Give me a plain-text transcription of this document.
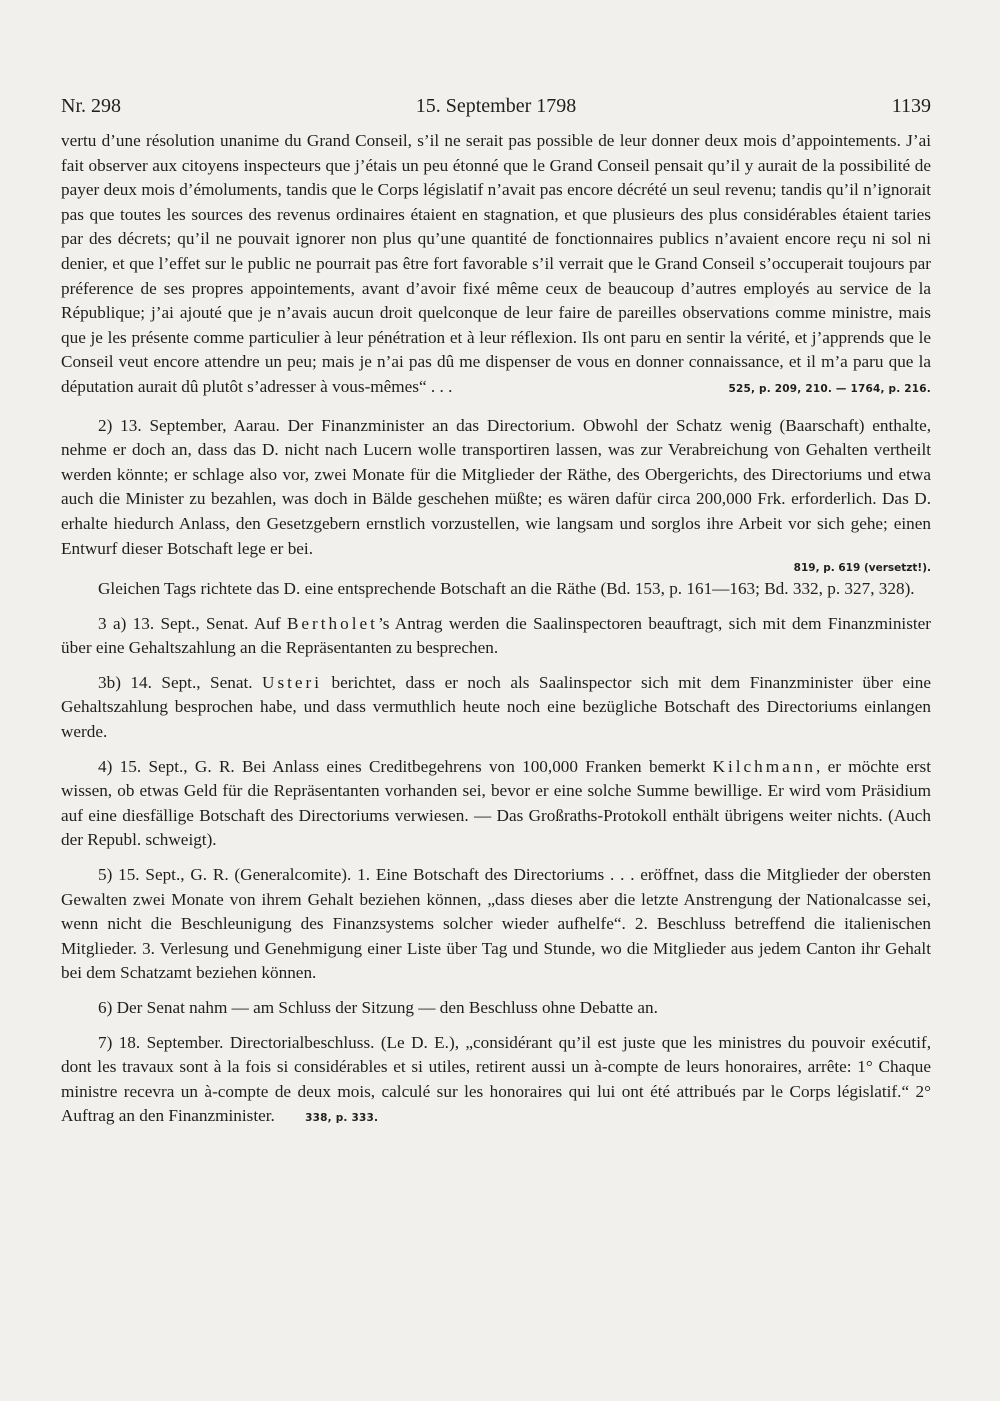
Nr. 298	15. September 1798	1139

vertu d’une résolution unanime du Grand Conseil, s’il ne serait pas possible de leur donner deux mois d’appointements. J’ai fait observer aux citoyens inspecteurs que j’étais un peu étonné que le Grand Conseil pensait qu’il y aurait de la possibilité de payer deux mois d’émoluments, tandis que le Corps législatif n’avait pas encore décrété un seul revenu; tandis qu’il n’ignorait pas que toutes les sources des revenus ordinaires étaient en stagnation, et que plusieurs des plus considérables étaient taries par des décrets; qu’il ne pouvait ignorer non plus qu’une quantité de fonctionnaires publics n’avaient encore reçu ni sol ni denier, et que l’effet sur le public ne pourrait pas être fort favorable s’il verrait que le Grand Conseil s’occuperait toujours par préference de ses propres appointements, avant d’avoir fixé même ceux de beaucoup d’autres employés au service de la République; j’ai ajouté que je n’avais aucun droit quelconque de leur faire de pareilles observations comme ministre, mais que je les présente comme particulier à leur pénétration et à leur réflexion. Ils ont paru en sentir la vérité, et j’apprends que le Conseil veut encore attendre un peu; mais je n’ai pas dû me dispenser de vous en donner connaissance, et il m’a paru que la députation aurait dû plutôt s’adresser à vous-mêmes“ . . .	525, p. 209, 210. — 1764, p. 216.

2) 13. September, Aarau. Der Finanzminister an das Directorium. Obwohl der Schatz wenig (Baarschaft) enthalte, nehme er doch an, dass das D. nicht nach Lucern wolle transportiren lassen, was zur Verabreichung von Gehalten vertheilt werden könnte; er schlage also vor, zwei Monate für die Mitglieder der Räthe, des Obergerichts, des Directoriums und etwa auch die Minister zu bezahlen, was doch in Bälde geschehen müßte; es wären dafür circa 200,000 Frk. erforderlich. Das D. erhalte hiedurch Anlass, den Gesetzgebern ernstlich vorzustellen, wie langsam und sorglos ihre Arbeit vor sich gehe; einen Entwurf dieser Botschaft lege er bei.

819, p. 619 (versetzt!).

Gleichen Tags richtete das D. eine entsprechende Botschaft an die Räthe (Bd. 153, p. 161—163; Bd. 332, p. 327, 328).

3 a) 13. Sept., Senat. Auf Bertholet’s Antrag werden die Saalinspectoren beauftragt, sich mit dem Finanzminister über eine Gehaltszahlung an die Repräsentanten zu besprechen.

3b) 14. Sept., Senat. Usteri berichtet, dass er noch als Saalinspector sich mit dem Finanzminister über eine Gehaltszahlung besprochen habe, und dass vermuthlich heute noch eine bezügliche Botschaft des Directoriums einlangen werde.

4) 15. Sept., G. R. Bei Anlass eines Creditbegehrens von 100,000 Franken bemerkt Kilchmann, er möchte erst wissen, ob etwas Geld für die Repräsentanten vorhanden sei, bevor er eine solche Summe bewillige. Er wird vom Präsidium auf eine diesfällige Botschaft des Directoriums verwiesen. — Das Großraths-Protokoll enthält übrigens weiter nichts. (Auch der Republ. schweigt).

5) 15. Sept., G. R. (Generalcomite). 1. Eine Botschaft des Directoriums . . . eröffnet, dass die Mitglieder der obersten Gewalten zwei Monate von ihrem Gehalt beziehen können, „dass dieses aber die letzte Anstrengung der Nationalcasse sei, wenn nicht die Beschleunigung des Finanzsystems solcher wieder aufhelfe“. 2. Beschluss betreffend die italienischen Mitglieder. 3. Verlesung und Genehmigung einer Liste über Tag und Stunde, wo die Mitglieder aus jedem Canton ihr Gehalt bei dem Schatzamt beziehen können.

6) Der Senat nahm — am Schluss der Sitzung — den Beschluss ohne Debatte an.

7) 18. September. Directorialbeschluss. (Le D. E.), „considérant qu’il est juste que les ministres du pouvoir exécutif, dont les travaux sont à la fois si considérables et si utiles, retirent aussi un à-compte de leurs honoraires, arrête: 1° Chaque ministre recevra un à-compte de deux mois, calculé sur les honoraires qui lui ont été attribués par le Corps législatif.“ 2° Auftrag an den Finanzminister.	338, p. 333.
